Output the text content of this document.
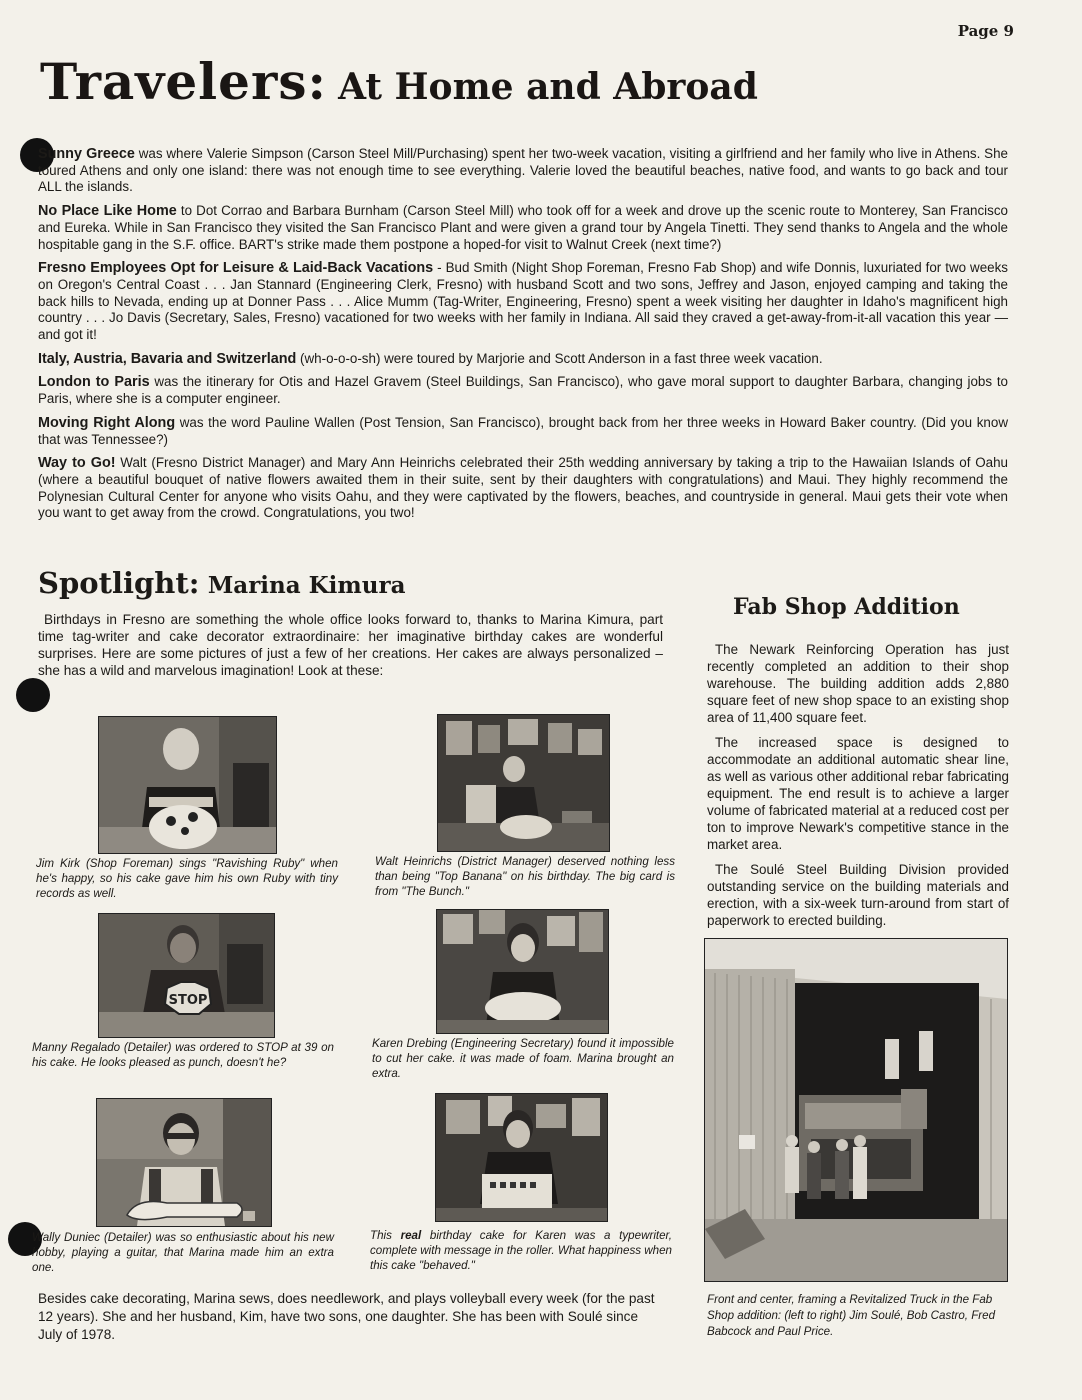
Page 9
Travelers: At Home and Abroad

Sunny Greece was where Valerie Simpson (Carson Steel Mill/Purchasing) spent her two-week vacation, visiting a girlfriend and her family who live in Athens. She toured Athens and only one island: there was not enough time to see everything. Valerie loved the beautiful beaches, native food, and wants to go back and tour ALL the islands.

No Place Like Home to Dot Corrao and Barbara Burnham (Carson Steel Mill) who took off for a week and drove up the scenic route to Monterey, San Francisco and Eureka. While in San Francisco they visited the San Francisco Plant and were given a grand tour by Angela Tinetti. They send thanks to Angela and the whole hospitable gang in the S.F. office. BART's strike made them postpone a hoped-for visit to Walnut Creek (next time?)

Fresno Employees Opt for Leisure & Laid-Back Vacations - Bud Smith (Night Shop Foreman, Fresno Fab Shop) and wife Donnis, luxuriated for two weeks on Oregon's Central Coast . . . Jan Stannard (Engineering Clerk, Fresno) with husband Scott and two sons, Jeffrey and Jason, enjoyed camping and taking the back hills to Nevada, ending up at Donner Pass . . . Alice Mumm (Tag-Writer, Engineering, Fresno) spent a week visiting her daughter in Idaho's magnificent high country . . . Jo Davis (Secretary, Sales, Fresno) vacationed for two weeks with her family in Indiana. All said they craved a get-away-from-it-all vacation this year — and got it!

Italy, Austria, Bavaria and Switzerland (wh-o-o-o-sh) were toured by Marjorie and Scott Anderson in a fast three week vacation.

London to Paris was the itinerary for Otis and Hazel Gravem (Steel Buildings, San Francisco), who gave moral support to daughter Barbara, changing jobs to Paris, where she is a computer engineer.

Moving Right Along was the word Pauline Wallen (Post Tension, San Francisco), brought back from her three weeks in Howard Baker country. (Did you know that was Tennessee?)

Way to Go! Walt (Fresno District Manager) and Mary Ann Heinrichs celebrated their 25th wedding anniversary by taking a trip to the Hawaiian Islands of Oahu (where a beautiful bouquet of native flowers awaited them in their suite, sent by their daughters with congratulations) and Maui. They highly recommend the Polynesian Cultural Center for anyone who visits Oahu, and they were captivated by the flowers, beaches, and countryside in general. Maui gets their vote when you want to get away from the crowd. Congratulations, you two!

Spotlight: Marina Kimura

Birthdays in Fresno are something the whole office looks forward to, thanks to Marina Kimura, part time tag-writer and cake decorator extraordinaire: her imaginative birthday cakes are wonderful surprises. Here are some pictures of just a few of her creations. Her cakes are always personalized – she has a wild and marvelous imagination! Look at these:

Jim Kirk (Shop Foreman) sings "Ravishing Ruby" when he's happy, so his cake gave him his own Ruby with tiny records as well.

Walt Heinrichs (District Manager) deserved nothing less than being "Top Banana" on his birthday. The big card is from "The Bunch."

STOP

Manny Regalado (Detailer) was ordered to STOP at 39 on his cake. He looks pleased as punch, doesn't he?

Karen Drebing (Engineering Secretary) found it impossible to cut her cake. it was made of foam. Marina brought an extra.

Wally Duniec (Detailer) was so enthusiastic about his new hobby, playing a guitar, that Marina made him an extra one.

This real birthday cake for Karen was a typewriter, complete with message in the roller. What happiness when this cake "behaved."

Besides cake decorating, Marina sews, does needlework, and plays volleyball every week (for the past 12 years). She and her husband, Kim, have two sons, one daughter. She has been with Soulé since July of 1978.

Fab Shop Addition

The Newark Reinforcing Operation has just recently completed an addition to their shop warehouse. The building addition adds 2,880 square feet of new shop space to an existing shop area of 11,400 square feet.

The increased space is designed to accommodate an additional automatic shear line, as well as various other additional rebar fabricating equipment. The end result is to achieve a larger volume of fabricated material at a reduced cost per ton to improve Newark's competitive stance in the market area.

The Soulé Steel Building Division provided outstanding service on the building materials and erection, with a six-week turn-around from start of paperwork to erected building.

Front and center, framing a Revitalized Truck in the Fab Shop addition: (left to right) Jim Soulé, Bob Castro, Fred Babcock and Paul Price.
